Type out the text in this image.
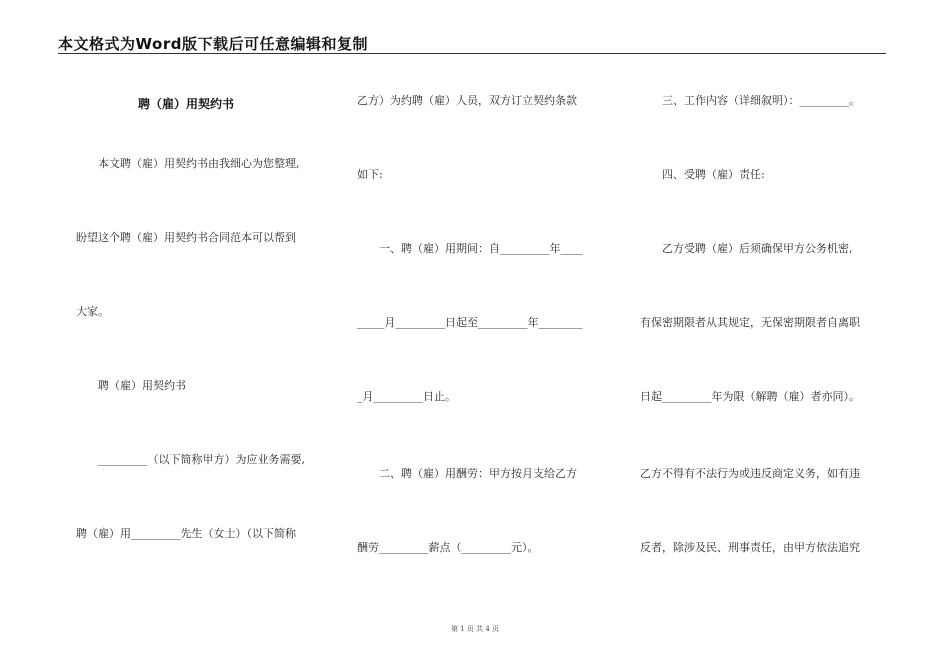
本文格式为Word版下载后可任意编辑和复制
聘（雇）用契约书
本文聘（雇）用契约书由我细心为您整理,
盼望这个聘（雇）用契约书合同范本可以帮到
大家。
聘（雇）用契约书
_________（以下简称甲方）为应业务需要,
聘（雇）用_________先生（女士）（以下简称
乙方）为约聘（雇）人员，双方订立契约条款
如下:
一、聘（雇）用期间：自_________年____
_____月_________日起至_________年________
_月_________日止。
二、聘（雇）用酬劳：甲方按月支给乙方
酬劳_________薪点（_________元）。
三、工作内容（详细叙明）：_________。
四、受聘（雇）责任:
乙方受聘（雇）后须确保甲方公务机密,
有保密期限者从其规定，无保密期限者自离职
日起_________年为限（解聘（雇）者亦同）。
乙方不得有不法行为或违反商定义务，如有违
反者，除涉及民、刑事责任，由甲方依法追究
第 1 页 共 4 页
